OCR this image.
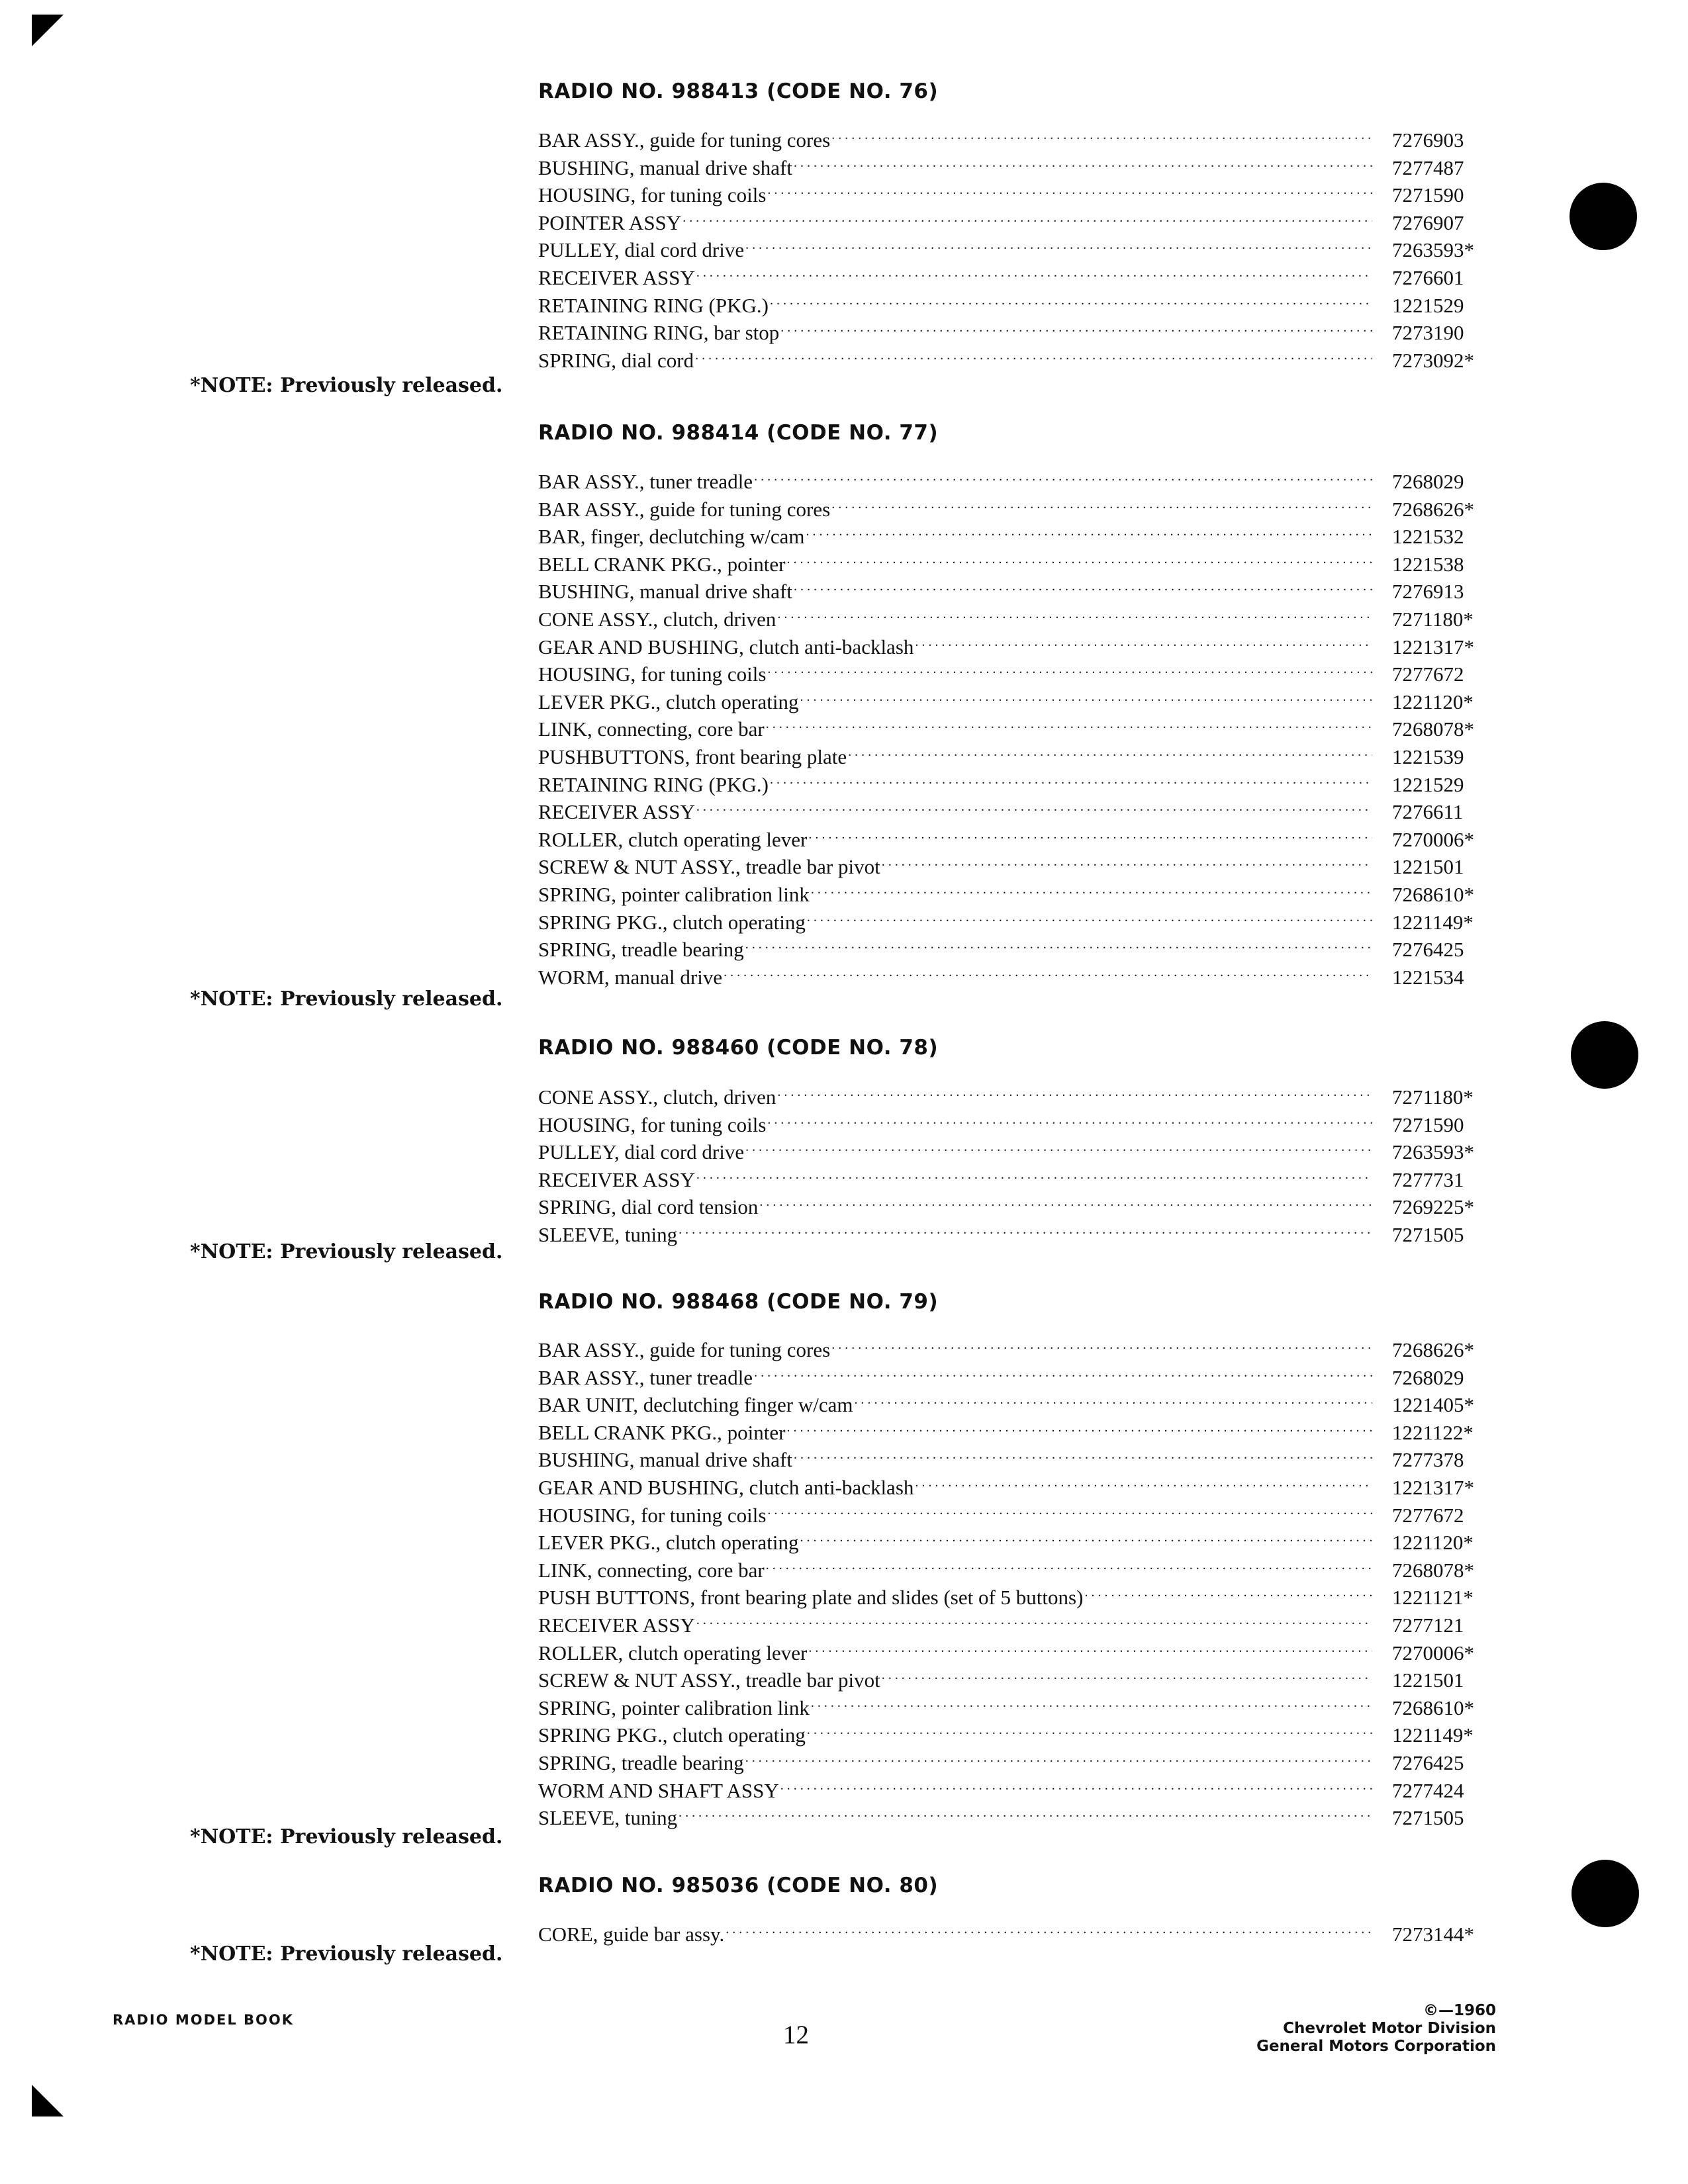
RADIO NO. 988413 (CODE NO. 76)
BAR ASSY., guide for tuning cores . . .	7276903
BUSHING, manual drive shaft . . .	7277487
HOUSING, for tuning coils . . .	7271590
POINTER ASSY . . .	7276907
PULLEY, dial cord drive . . .	7263593*
RECEIVER ASSY . . .	7276601
RETAINING RING (PKG.) . . .	1221529
RETAINING RING, bar stop . . .	7273190
SPRING, dial cord . . .	7273092*
*NOTE: Previously released.
RADIO NO. 988414 (CODE NO. 77)
BAR ASSY., tuner treadle . . .	7268029
BAR ASSY., guide for tuning cores . . .	7268626*
BAR, finger, declutching w/cam . . .	1221532
BELL CRANK PKG., pointer . . .	1221538
BUSHING, manual drive shaft . . .	7276913
CONE ASSY., clutch, driven . . .	7271180*
GEAR AND BUSHING, clutch anti-backlash . . .	1221317*
HOUSING, for tuning coils . . .	7277672
LEVER PKG., clutch operating . . .	1221120*
LINK, connecting, core bar . . .	7268078*
PUSHBUTTONS, front bearing plate . . .	1221539
RETAINING RING (PKG.) . . .	1221529
RECEIVER ASSY . . .	7276611
ROLLER, clutch operating lever . . .	7270006*
SCREW & NUT ASSY., treadle bar pivot . . .	1221501
SPRING, pointer calibration link . . .	7268610*
SPRING PKG., clutch operating . . .	1221149*
SPRING, treadle bearing . . .	7276425
WORM, manual drive . . .	1221534
*NOTE: Previously released.
RADIO NO. 988460 (CODE NO. 78)
CONE ASSY., clutch, driven . . .	7271180*
HOUSING, for tuning coils . . .	7271590
PULLEY, dial cord drive . . .	7263593*
RECEIVER ASSY . . .	7277731
SPRING, dial cord tension . . .	7269225*
SLEEVE, tuning . . .	7271505
*NOTE: Previously released.
RADIO NO. 988468 (CODE NO. 79)
BAR ASSY., guide for tuning cores . . .	7268626*
BAR ASSY., tuner treadle . . .	7268029
BAR UNIT, declutching finger w/cam . . .	1221405*
BELL CRANK PKG., pointer . . .	1221122*
BUSHING, manual drive shaft . . .	7277378
GEAR AND BUSHING, clutch anti-backlash . . .	1221317*
HOUSING, for tuning coils . . .	7277672
LEVER PKG., clutch operating . . .	1221120*
LINK, connecting, core bar . . .	7268078*
PUSH BUTTONS, front bearing plate and slides (set of 5 buttons) . . .	1221121*
RECEIVER ASSY . . .	7277121
ROLLER, clutch operating lever . . .	7270006*
SCREW & NUT ASSY., treadle bar pivot . . .	1221501
SPRING, pointer calibration link . . .	7268610*
SPRING PKG., clutch operating . . .	1221149*
SPRING, treadle bearing . . .	7276425
WORM AND SHAFT ASSY . . .	7277424
SLEEVE, tuning . . .	7271505
*NOTE: Previously released.
RADIO NO. 985036 (CODE NO. 80)
CORE, guide bar assy. . . .	7273144*
*NOTE: Previously released.
RADIO MODEL BOOK
12
©—1960
Chevrolet Motor Division
General Motors Corporation
